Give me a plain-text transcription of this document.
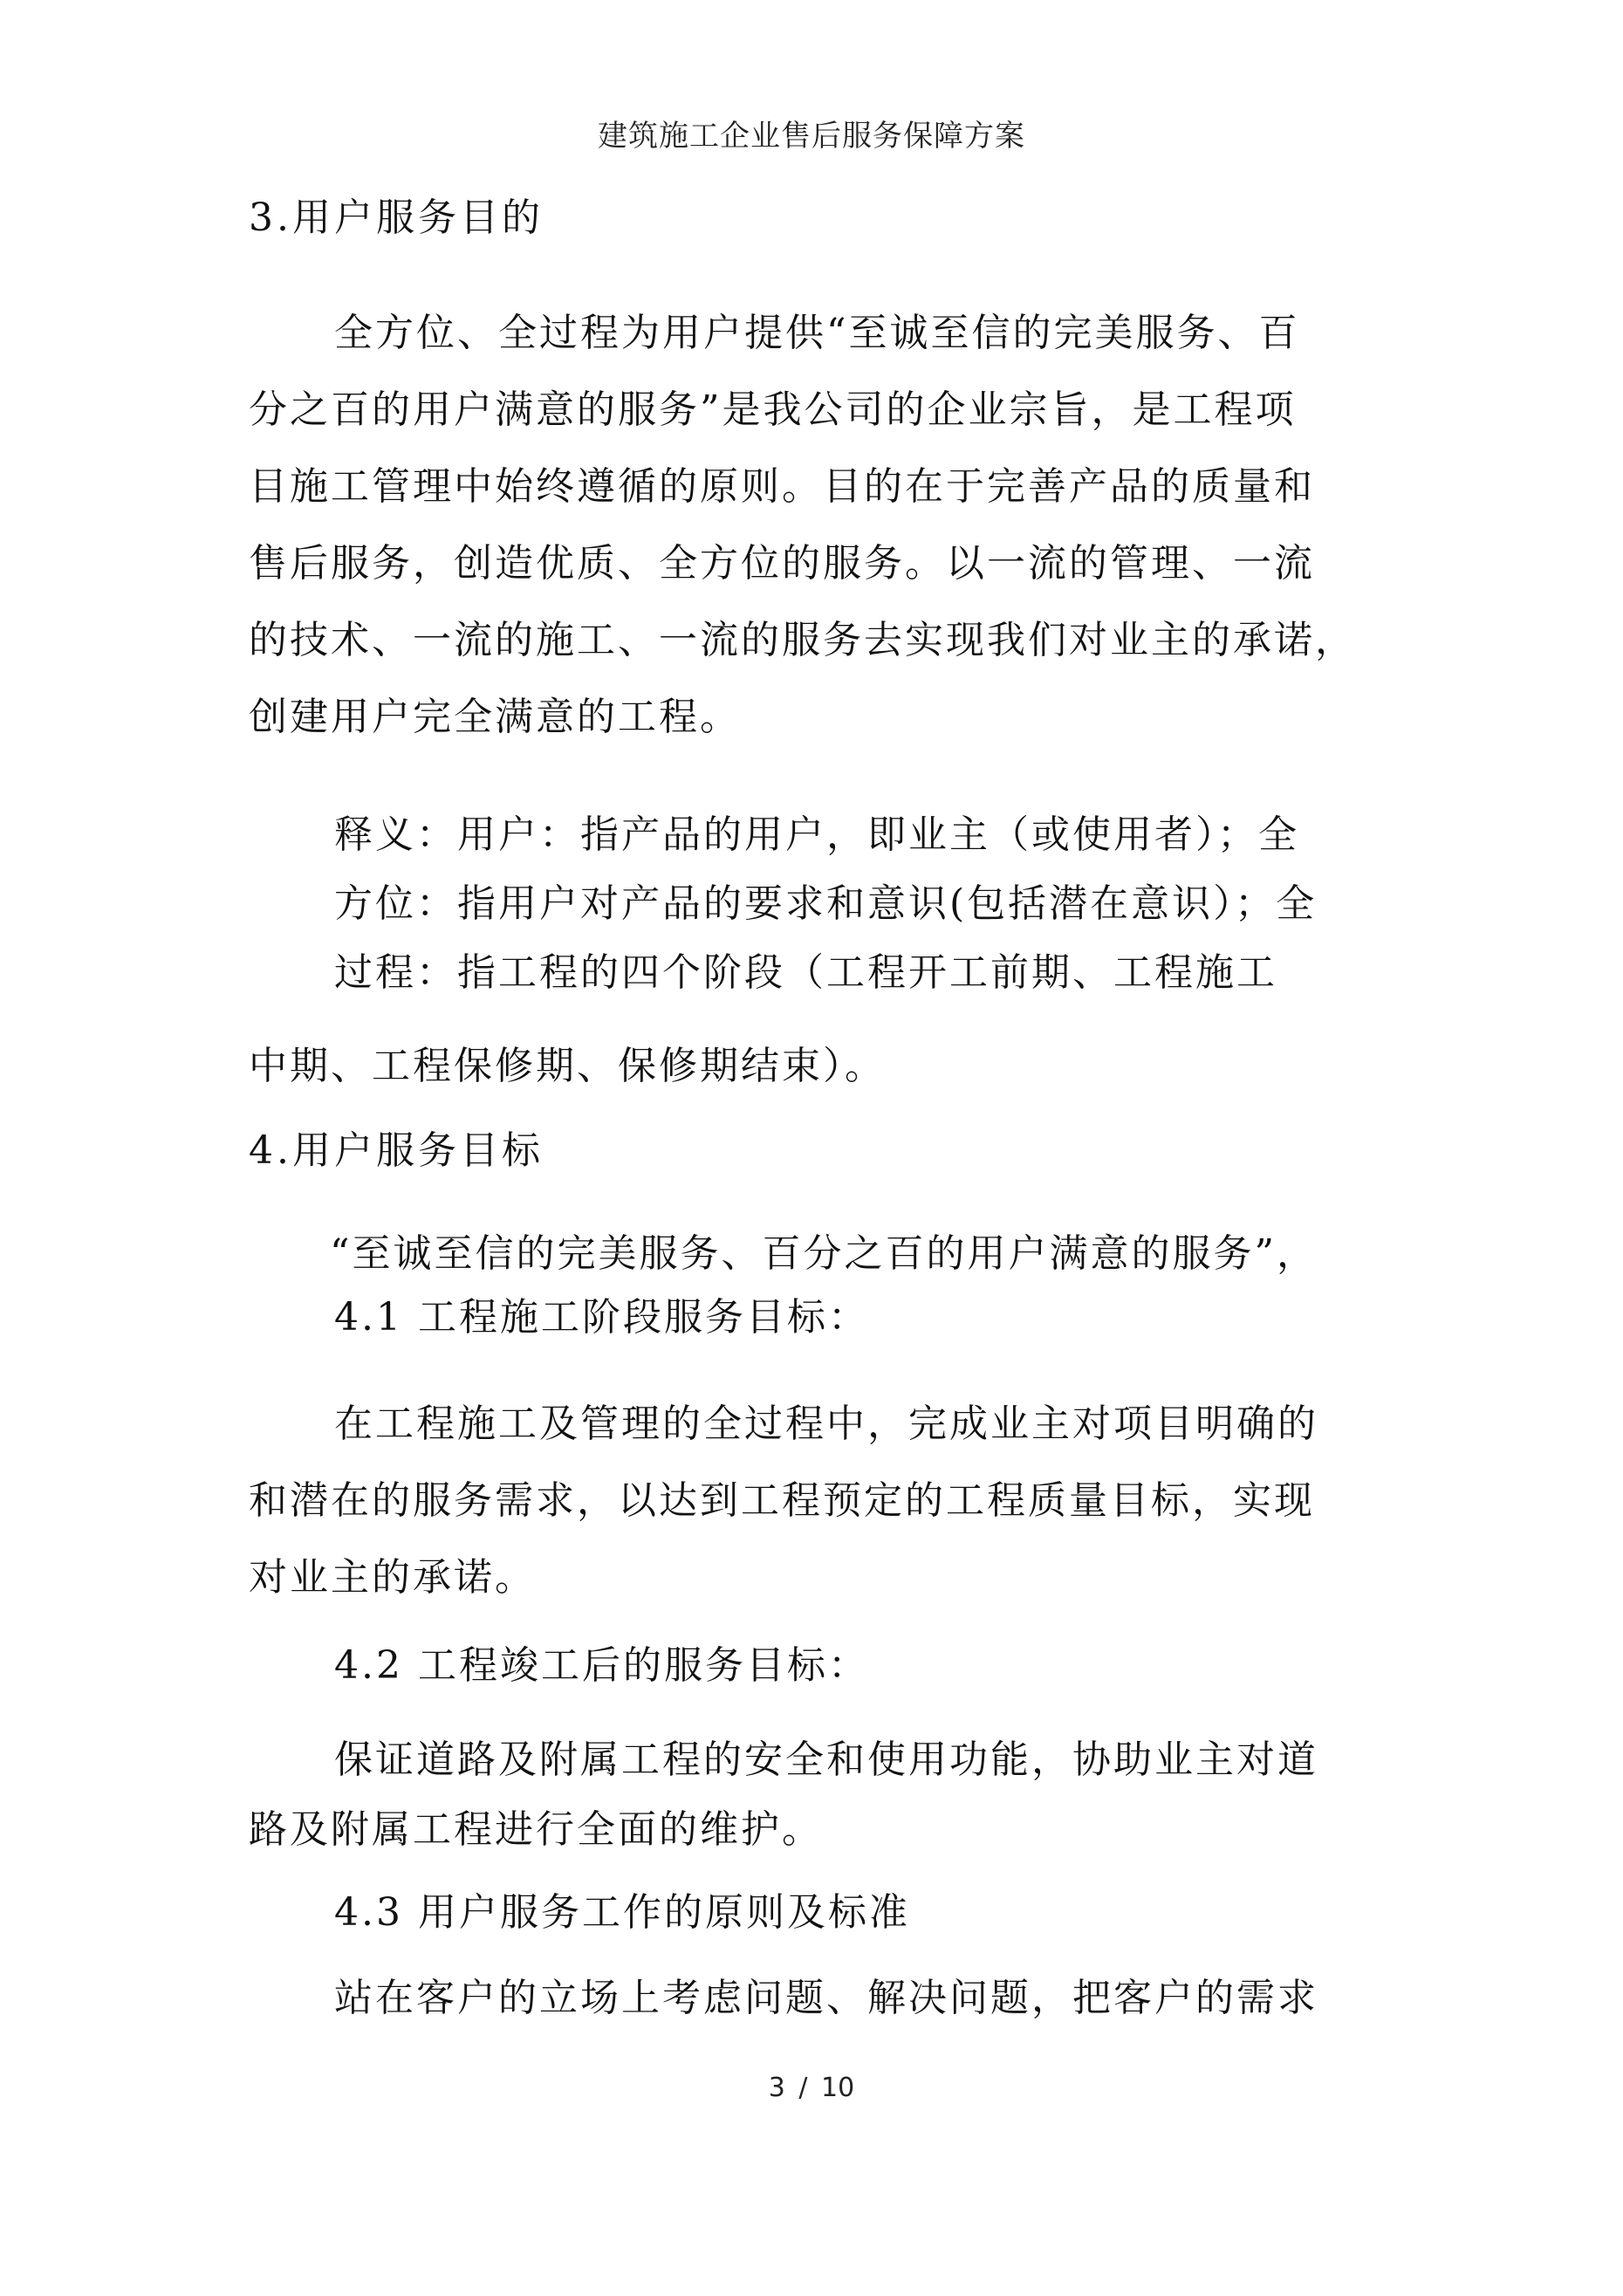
建筑施工企业售后服务保障方案
3.用户服务目的
全方位、全过程为用户提供“至诚至信的完美服务、百
分之百的用户满意的服务”是我公司的企业宗旨，是工程项
目施工管理中始终遵循的原则。目的在于完善产品的质量和
售后服务，创造优质、全方位的服务。以一流的管理、一流
的技术、一流的施工、一流的服务去实现我们对业主的承诺，
创建用户完全满意的工程。
释义：用户：指产品的用户，即业主（或使用者）；全
方位：指用户对产品的要求和意识(包括潜在意识）；全
过程：指工程的四个阶段（工程开工前期、工程施工
中期、工程保修期、保修期结束）。
4.用户服务目标
“至诚至信的完美服务、百分之百的用户满意的服务”，
4.1 工程施工阶段服务目标：
在工程施工及管理的全过程中，完成业主对项目明确的
和潜在的服务需求，以达到工程预定的工程质量目标，实现
对业主的承诺。
4.2 工程竣工后的服务目标：
保证道路及附属工程的安全和使用功能，协助业主对道
路及附属工程进行全面的维护。
4.3 用户服务工作的原则及标准
站在客户的立场上考虑问题、解决问题，把客户的需求
3 / 10
